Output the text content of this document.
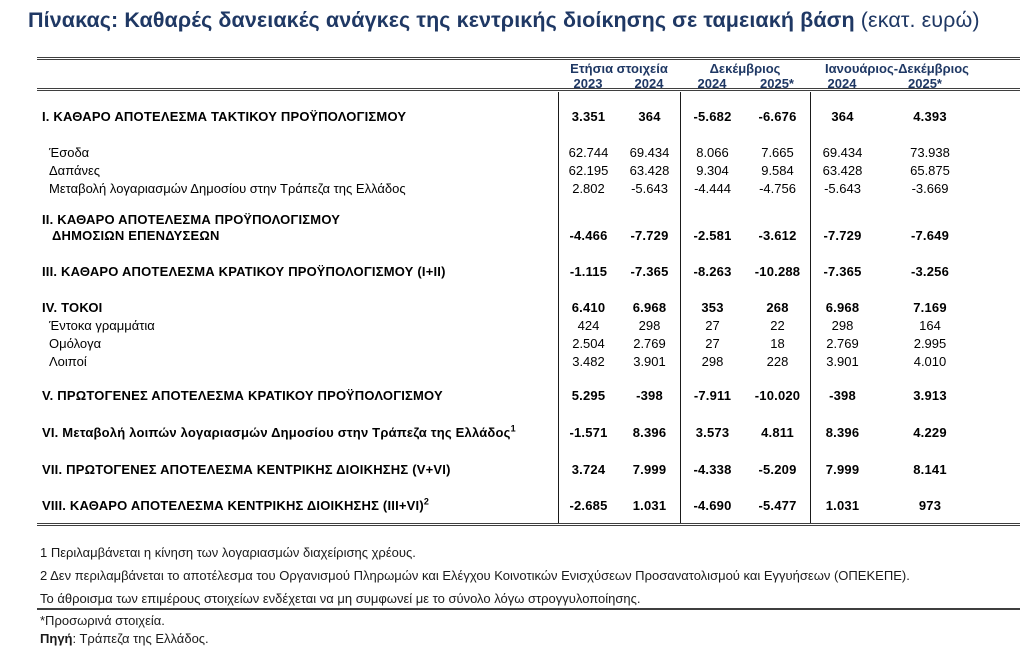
Πίνακας: Καθαρές δανειακές ανάγκες της κεντρικής διοίκησης σε ταμειακή βάση (εκατ. ευρώ)
Ετήσια στοιχεία	Δεκέμβριος	Ιανουάριος-Δεκέμβριος
2023 2024	2024	2025*	2024	2025*
Ι. ΚΑΘΑΡΟ ΑΠΟΤΕΛΕΣΜΑ ΤΑΚΤΙΚΟΥ ΠΡΟΫΠΟΛΟΓΙΣΜΟΥ	3.351	364	-5.682	-6.676	364	4.393
Έσοδα	62.744	69.434	8.066	7.665	69.434	73.938
Δαπάνες	62.195	63.428	9.304	9.584	63.428	65.875
Μεταβολή λογαριασμών Δημοσίου στην Τράπεζα της Ελλάδος	2.802	-5.643	-4.444	-4.756	-5.643	-3.669
ΙΙ. ΚΑΘΑΡΟ ΑΠΟΤΕΛΕΣΜΑ ΠΡΟΫΠΟΛΟΓΙΣΜΟΥ
ΔΗΜΟΣΙΩΝ ΕΠΕΝΔΥΣΕΩΝ	-4.466	-7.729	-2.581	-3.612	-7.729	-7.649
ΙΙΙ. ΚΑΘΑΡΟ ΑΠΟΤΕΛΕΣΜΑ ΚΡΑΤΙΚΟΥ ΠΡΟΫΠΟΛΟΓΙΣΜΟΥ (Ι+ΙΙ)	-1.115	-7.365	-8.263	-10.288	-7.365	-3.256
IV. ΤΟΚΟΙ	6.410	6.968	353	268	6.968	7.169
Έντοκα γραμμάτια	424	298	27	22	298	164
Ομόλογα	2.504	2.769	27	18	2.769	2.995
Λοιποί	3.482	3.901	298	228	3.901	4.010
V. ΠΡΩΤΟΓΕΝΕΣ ΑΠΟΤΕΛΕΣΜΑ ΚΡΑΤΙΚΟΥ ΠΡΟΫΠΟΛΟΓΙΣΜΟΥ	5.295	-398	-7.911	-10.020	-398	3.913
VI. Μεταβολή λοιπών λογαριασμών Δημοσίου στην Τράπεζα της Ελλάδος$^1$	-1.571	8.396	3.573	4.811	8.396	4.229
VII. ΠΡΩΤΟΓΕΝΕΣ ΑΠΟΤΕΛΕΣΜΑ ΚΕΝΤΡΙΚΗΣ ΔΙΟΙΚΗΣΗΣ (V+VI)	3.724	7.999	-4.338	-5.209	7.999	8.141
VIII. ΚΑΘΑΡΟ ΑΠΟΤΕΛΕΣΜΑ ΚΕΝΤΡΙΚΗΣ ΔΙΟΙΚΗΣΗΣ $(III+VI)^2$	-2.685	1.031	-4.690	-5.477	1.031	973
1 Περιλαμβάνεται η κίνηση των λογαριασμών διαχείρισης χρέους.
2 Δεν περιλαμβάνεται το αποτέλεσμα του Οργανισμού Πληρωμών και Ελέγχου Κοινοτικών Ενισχύσεων Προσανατολισμού και Εγγυήσεων (ΟΠΕΚΕΠΕ).
Το άθροισμα των επιμέρους στοιχείων ενδέχεται να μη συμφωνεί με το σύνολο λόγω στρογγυλοποίησης.
*Προσωρινά στοιχεία.
Πηγή: Τράπεζα της Ελλάδος.
